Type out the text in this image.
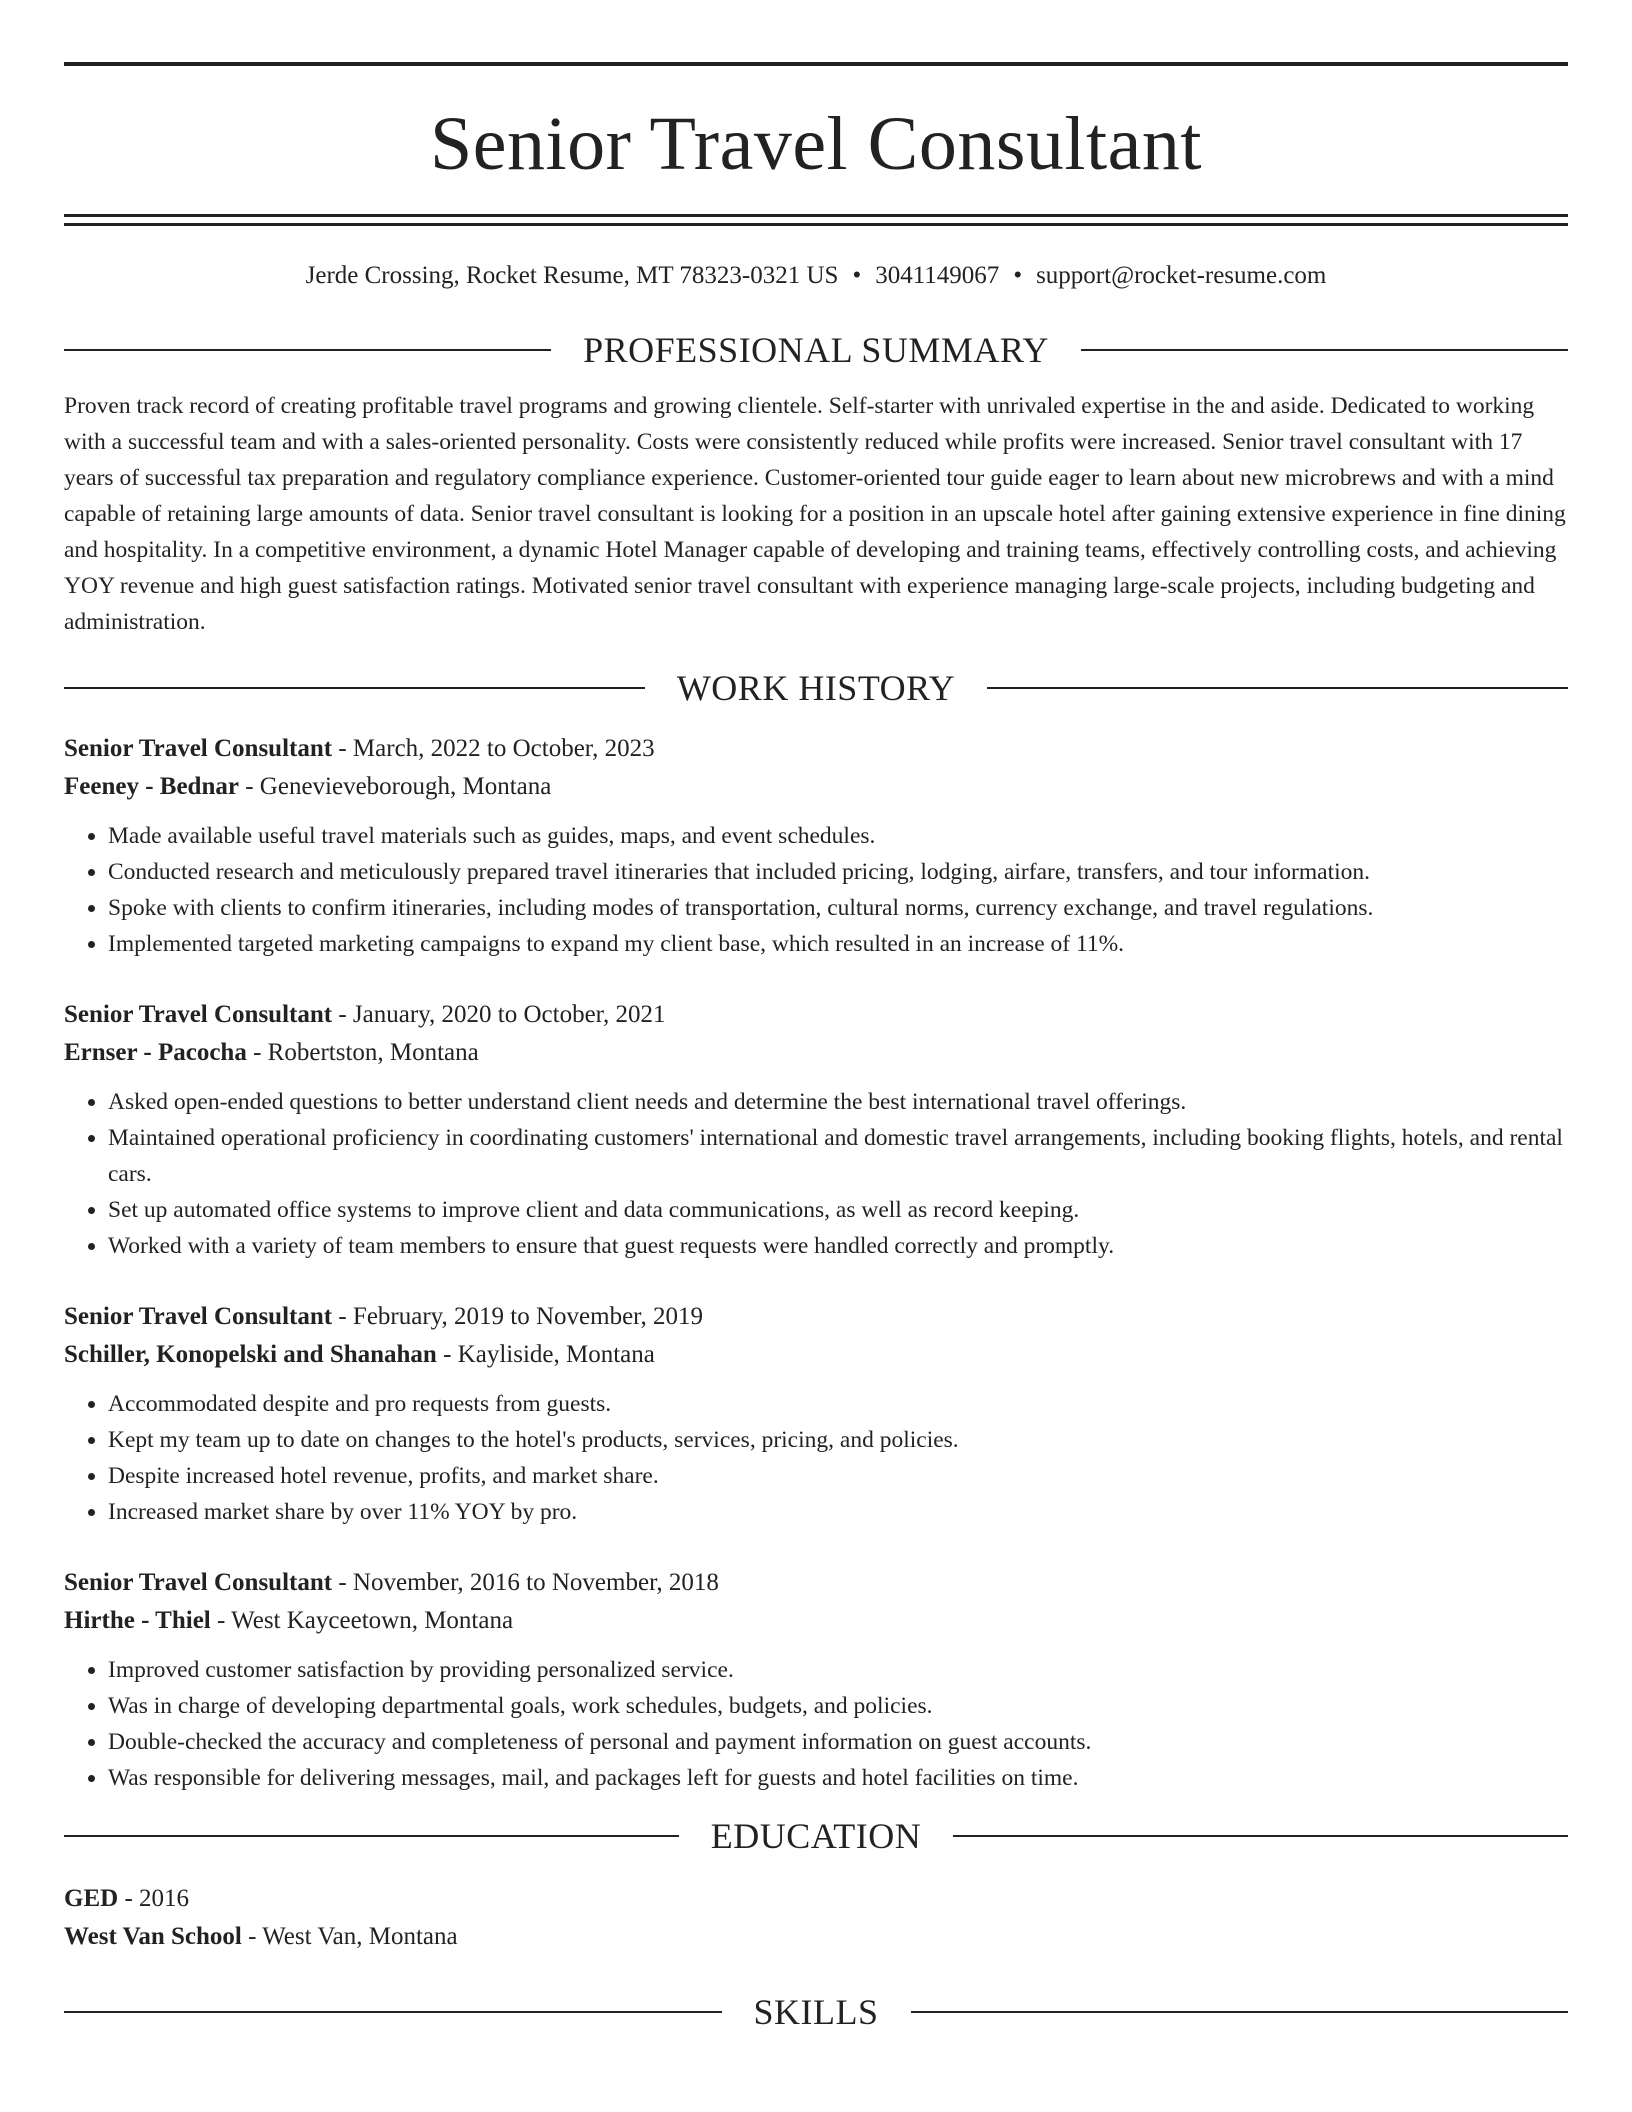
Senior Travel Consultant
Jerde Crossing, Rocket Resume, MT 78323-0321 US • 3041149067 • support@rocket-resume.com
PROFESSIONAL SUMMARY

Proven track record of creating profitable travel programs and growing clientele. Self-starter with unrivaled expertise in the and aside. Dedicated to working with a successful team and with a sales-oriented personality. Costs were consistently reduced while profits were increased. Senior travel consultant with 17 years of successful tax preparation and regulatory compliance experience. Customer-oriented tour guide eager to learn about new microbrews and with a mind capable of retaining large amounts of data. Senior travel consultant is looking for a position in an upscale hotel after gaining extensive experience in fine dining and hospitality. In a competitive environment, a dynamic Hotel Manager capable of developing and training teams, effectively controlling costs, and achieving YOY revenue and high guest satisfaction ratings. Motivated senior travel consultant with experience managing large-scale projects, including budgeting and administration.

WORK HISTORY
Senior Travel Consultant - March, 2022 to October, 2023
Feeney - Bednar - Genevieveborough, Montana
• Made available useful travel materials such as guides, maps, and event schedules.
• Conducted research and meticulously prepared travel itineraries that included pricing, lodging, airfare, transfers, and tour information.
• Spoke with clients to confirm itineraries, including modes of transportation, cultural norms, currency exchange, and travel regulations.
• Implemented targeted marketing campaigns to expand my client base, which resulted in an increase of 11%.
Senior Travel Consultant - January, 2020 to October, 2021
Ernser - Pacocha - Robertston, Montana
• Asked open-ended questions to better understand client needs and determine the best international travel offerings.
• Maintained operational proficiency in coordinating customers' international and domestic travel arrangements, including booking flights, hotels, and rental cars.
• Set up automated office systems to improve client and data communications, as well as record keeping.
• Worked with a variety of team members to ensure that guest requests were handled correctly and promptly.
Senior Travel Consultant - February, 2019 to November, 2019
Schiller, Konopelski and Shanahan - Kayliside, Montana
• Accommodated despite and pro requests from guests.
• Kept my team up to date on changes to the hotel's products, services, pricing, and policies.
• Despite increased hotel revenue, profits, and market share.
• Increased market share by over 11% YOY by pro.
Senior Travel Consultant - November, 2016 to November, 2018
Hirthe - Thiel - West Kayceetown, Montana
• Improved customer satisfaction by providing personalized service.
• Was in charge of developing departmental goals, work schedules, budgets, and policies.
• Double-checked the accuracy and completeness of personal and payment information on guest accounts.
• Was responsible for delivering messages, mail, and packages left for guests and hotel facilities on time.
EDUCATION
GED - 2016
West Van School - West Van, Montana
SKILLS
